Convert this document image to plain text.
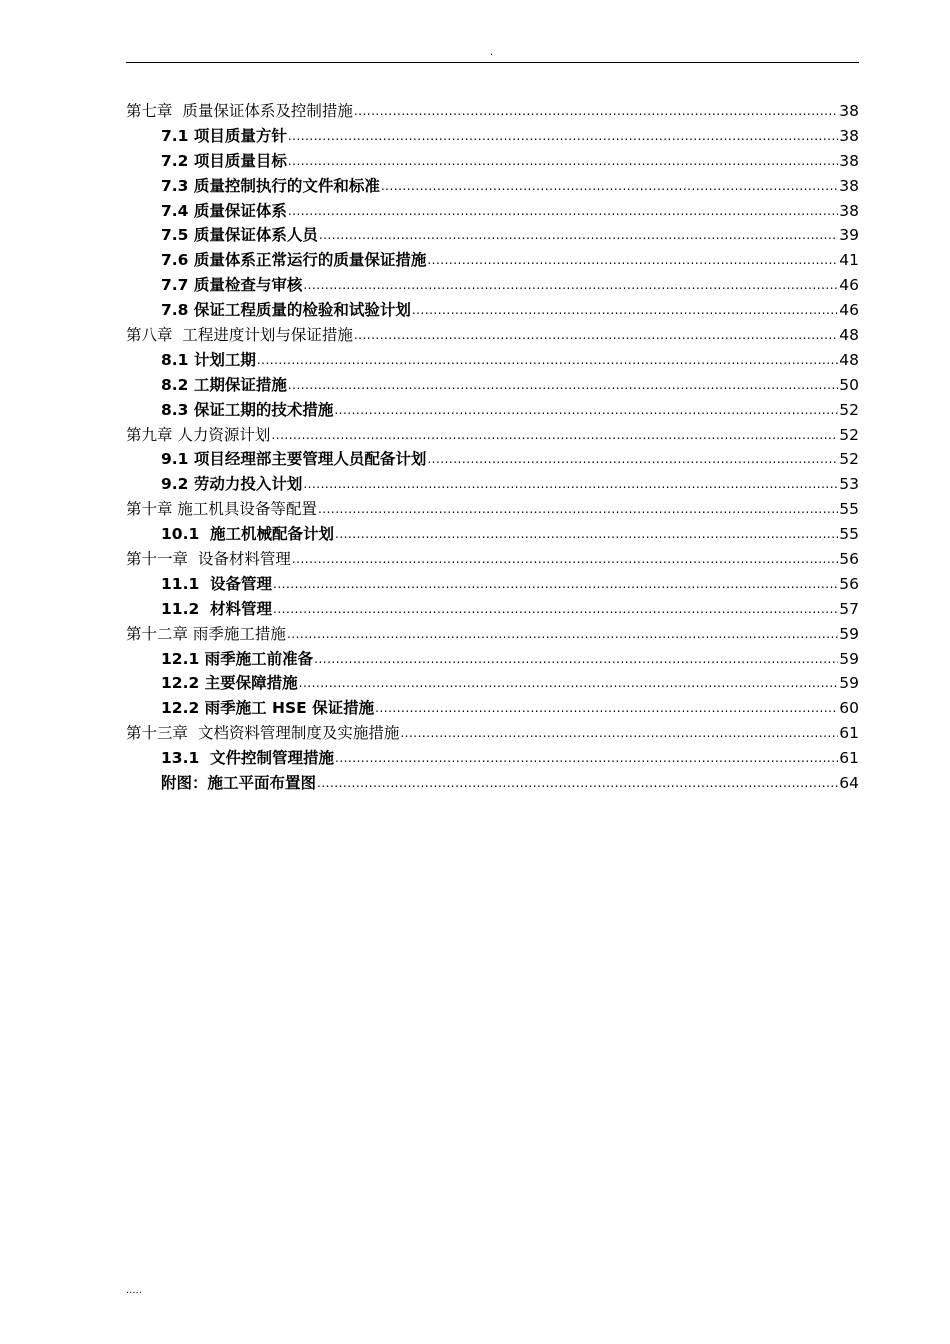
.
第七章  质量保证体系及控制措施 .....	38
7.1 项目质量方针 .....	38
7.2 项目质量目标 .....	38
7.3 质量控制执行的文件和标准 .....	38
7.4 质量保证体系 .....	38
7.5 质量保证体系人员 .....	39
7.6 质量体系正常运行的质量保证措施 .....	41
7.7 质量检查与审核 .....	46
7.8 保证工程质量的检验和试验计划 .....	46
第八章  工程进度计划与保证措施 .....	48
8.1 计划工期 .....	48
8.2 工期保证措施 .....	50
8.3 保证工期的技术措施 .....	52
第九章 人力资源计划 .....	52
9.1 项目经理部主要管理人员配备计划 .....	52
9.2 劳动力投入计划 .....	53
第十章 施工机具设备等配置 .....	55
10.1  施工机械配备计划 .....	55
第十一章  设备材料管理 .....	56
11.1  设备管理 .....	56
11.2  材料管理 .....	57
第十二章 雨季施工措施 .....	59
12.1 雨季施工前准备 .....	59
12.2 主要保障措施 .....	59
12.2 雨季施工 HSE 保证措施 .....	60
第十三章  文档资料管理制度及实施措施 .....	61
13.1  文件控制管理措施 .....	61
附图：施工平面布置图 .....	64
.....
